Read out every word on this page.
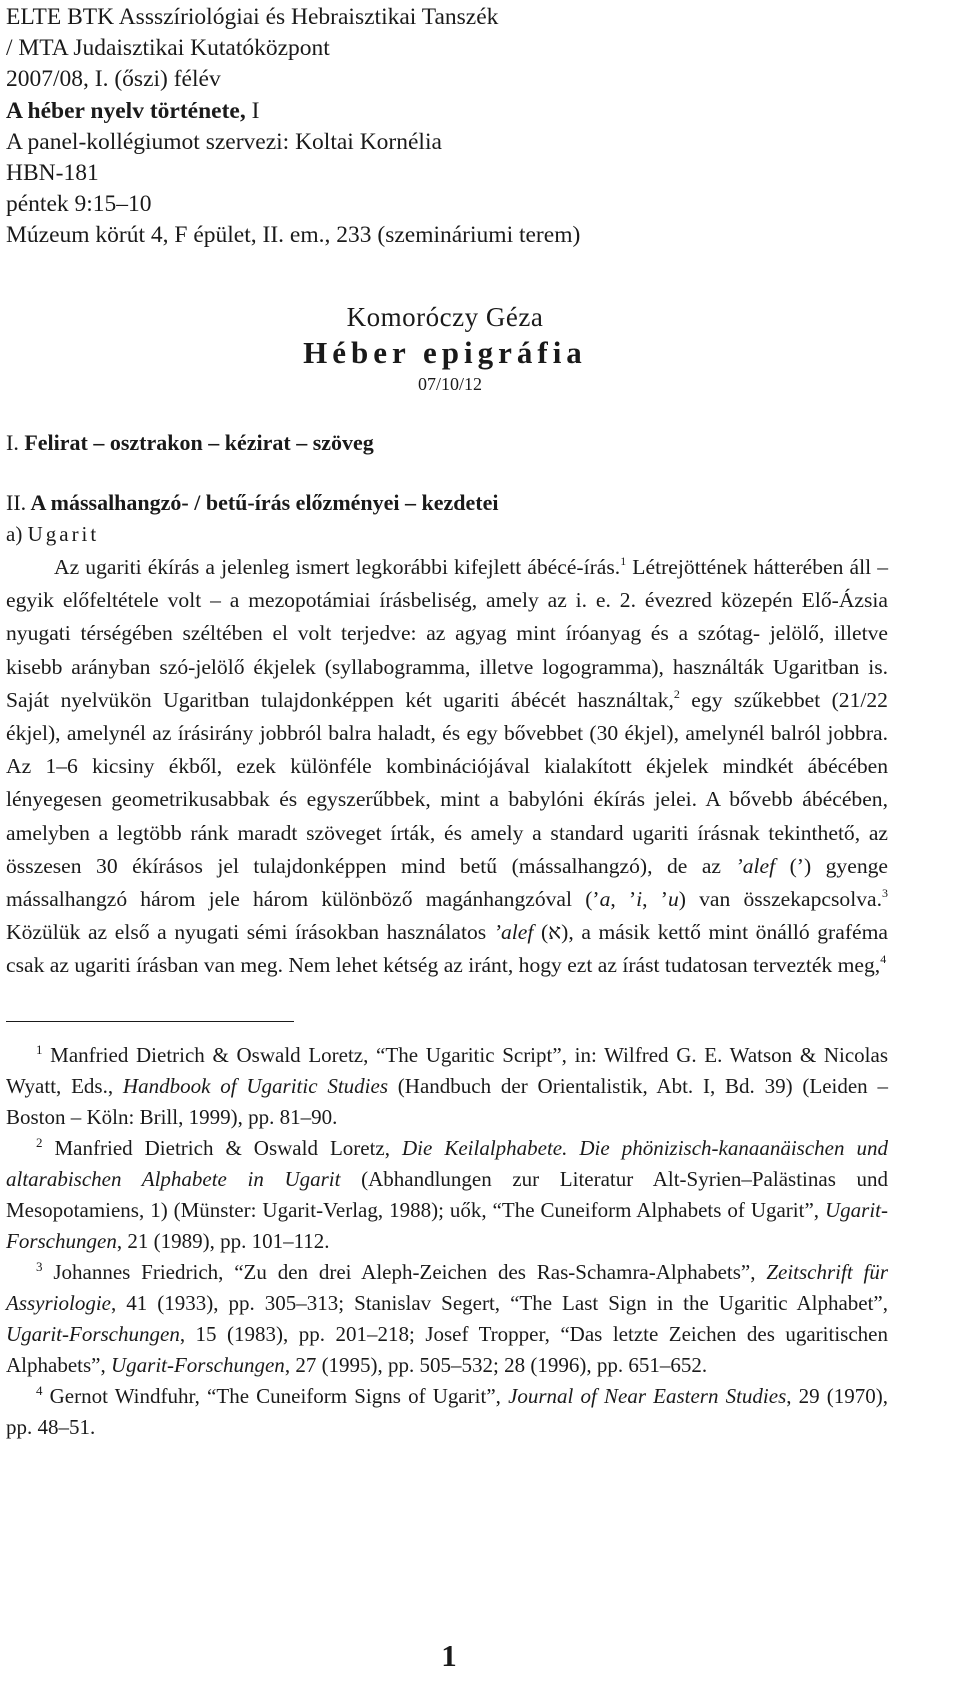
ELTE BTK Assszíriológiai és Hebraisztikai Tanszék
/ MTA Judaisztikai Kutatóközpont
2007/08, I. (őszi) félév
A héber nyelv története, I
A panel-kollégiumot szervezi: Koltai Kornélia
HBN-181
péntek 9:15‒10
Múzeum körút 4, F épület, II. em., 233 (szemináriumi terem)
Komoróczy Géza
Héber epigráfia
07/10/12
I. Felirat ‒ osztrakon ‒ kézirat ‒ szöveg
II. A mássalhangzó- / betű-írás előzményei ‒ kezdetei
a) Ugarit

Az ugariti ékírás a jelenleg ismert legkorábbi kifejlett ábécé-írás.$^1$ Létrejöttének hátterében áll ‒ egyik előfeltétele volt ‒ a mezopotámiai írásbeliség, amely az i. e. 2. évezred közepén Elő-Ázsia nyugati térségében széltében el volt terjedve: az agyag mint íróanyag és a szótag- jelölő, illetve kisebb arányban szó-jelölő ékjelek (syllabogramma, illetve logogramma), használták Ugaritban is. Saját nyelvükön Ugaritban tulajdonképpen két ugariti ábécét használtak,$^2$ egy szűkebbet (21/22 ékjel), amelynél az írásirány jobbról balra haladt, és egy bővebbet (30 ékjel), amelynél balról jobbra. Az 1‒6 kicsiny ékből, ezek különféle kombinációjával kialakított ékjelek mindkét ábécében lényegesen geometrikusabbak és egyszerűbbek, mint a babylóni ékírás jelei. A bővebb ábécében, amelyben a legtöbb ránk maradt szöveget írták, és amely a standard ugariti írásnak tekinthető, az összesen 30 ékírásos jel tulajdonképpen mind betű (mássalhangzó), de az ’alef (’) gyenge mássalhangzó három jele három különböző magánhangzóval (’a, ’i, ’u) van összekapcsolva.$^3$ Közülük az első a nyugati sémi írásokban használatos ’alef (א), a másik kettő mint önálló graféma csak az ugariti írásban van meg. Nem lehet kétség az iránt, hogy ezt az írást tudatosan tervezték meg,$^4$

$^1$ Manfried Dietrich & Oswald Loretz, “The Ugaritic Script”, in: Wilfred G. E. Watson & Nicolas Wyatt, Eds., Handbook of Ugaritic Studies (Handbuch der Orientalistik, Abt. I, Bd. 39) (Leiden ‒ Boston ‒ Köln: Brill, 1999), pp. 81‒90.

$^2$ Manfried Dietrich & Oswald Loretz, Die Keilalphabete. Die phönizisch-kanaanäischen und altarabischen Alphabete in Ugarit (Abhandlungen zur Literatur Alt-Syrien‒Palästinas und Mesopotamiens, 1) (Münster: Ugarit-Verlag, 1988); uők, “The Cuneiform Alphabets of Ugarit”, Ugarit-Forschungen, 21 (1989), pp. 101‒112.

$^3$ Johannes Friedrich, “Zu den drei Aleph-Zeichen des Ras-Schamra-Alphabets”, Zeitschrift für Assyriologie, 41 (1933), pp. 305‒313; Stanislav Segert, “The Last Sign in the Ugaritic Alphabet”, Ugarit-Forschungen, 15 (1983), pp. 201‒218; Josef Tropper, “Das letzte Zeichen des ugaritischen Alphabets”, Ugarit-Forschungen, 27 (1995), pp. 505‒532; 28 (1996), pp. 651‒652.

$^4$ Gernot Windfuhr, “The Cuneiform Signs of Ugarit”, Journal of Near Eastern Studies, 29 (1970), pp. 48‒51.

1
